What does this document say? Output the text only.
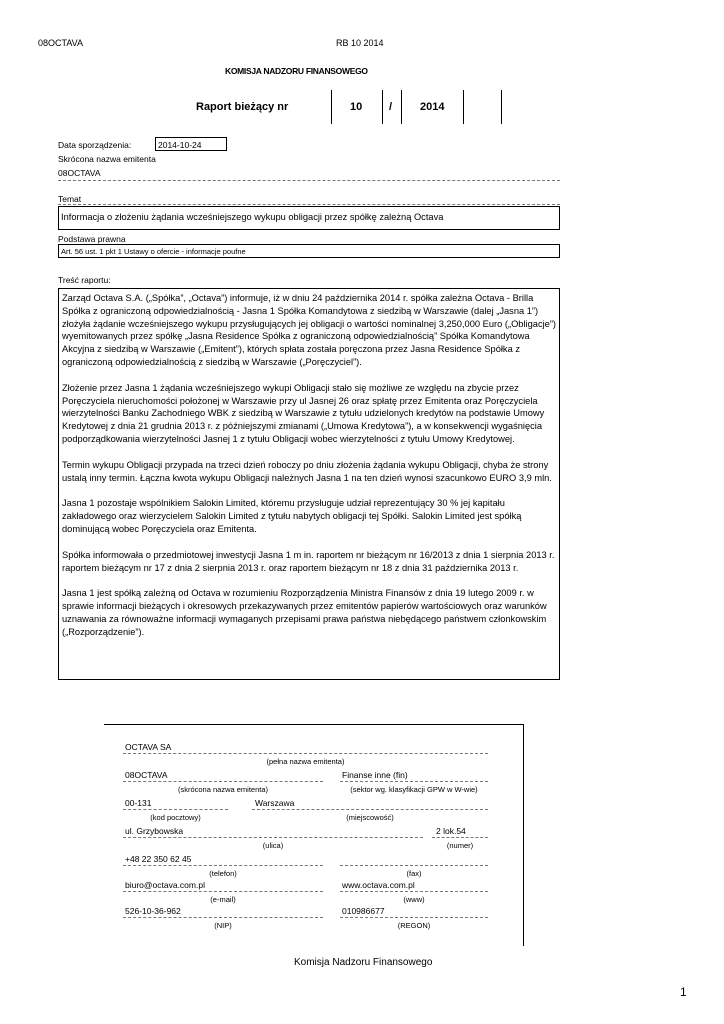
08OCTAVA	RB 10 2014
KOMISJA NADZORU FINANSOWEGO
Raport bieżący nr	10 /	2014
Data sporządzenia:	2014-10-24
Skrócona nazwa emitenta
08OCTAVA
Temat
Informacja o złożeniu żądania wcześniejszego wykupu obligacji przez spółkę zależną Octava
Podstawa prawna
Art. 56 ust. 1 pkt 1 Ustawy o ofercie - informacje poufne
Treść raportu:

Zarząd Octava S.A. („Spółka”, „Octava”) informuje, iż w dniu 24 października 2014 r. spółka zależna Octava - Brilla Spółka z ograniczoną odpowiedzialnością - Jasna 1 Spółka Komandytowa z siedzibą w Warszawie (dalej „Jasna 1”) złożyła żądanie wcześniejszego wykupu przysługujących jej obligacji o wartości nominalnej 3,250,000 Euro („Obligacje”) wyemitowanych przez spółkę „Jasna Residence Spółka z ograniczoną odpowiedzialnością” Spółka Komandytowa Akcyjna z siedzibą w Warszawie („Emitent”), których spłata została poręczona przez Jasna Residence Spółka z ograniczoną odpowiedzialnością z siedzibą w Warszawie („Poręczyciel”).

Złożenie przez Jasna 1 żądania wcześniejszego wykupi Obligacji stało się możliwe ze względu na zbycie przez Poręczyciela nieruchomości położonej w Warszawie przy ul Jasnej 26 oraz spłatę przez Emitenta oraz Poręczyciela wierzytelności Banku Zachodniego WBK z siedzibą w Warszawie z tytułu udzielonych kredytów na podstawie Umowy Kredytowej z dnia 21 grudnia 2013 r. z późniejszymi zmianami („Umowa Kredytowa”), a w konsekwencji wygaśnięcia podporządkowania wierzytelności Jasnej 1 z tytułu Obligacji wobec wierzytelności z tytułu Umowy Kredytowej.

Termin wykupu Obligacji przypada na trzeci dzień roboczy po dniu złożenia żądania wykupu Obligacji, chyba że strony ustalą inny termin. Łączna kwota wykupu Obligacji należnych Jasna 1 na ten dzień wynosi szacunkowo EURO 3,9 mln.

Jasna 1 pozostaje wspólnikiem Salokin Limited, któremu przysługuje udział reprezentujący 30 % jej kapitału zakładowego oraz wierzycielem Salokin Limited z tytułu nabytych obligacji tej Spółki. Salokin Limited jest spółką dominującą wobec Poręczyciela oraz Emitenta.

Spółka informowała o przedmiotowej inwestycji Jasna 1 m in. raportem nr bieżącym nr 16/2013 z dnia 1 sierpnia 2013 r. raportem bieżącym nr 17 z dnia 2 sierpnia 2013 r. oraz raportem bieżącym nr 18 z dnia 31 października 2013 r.

Jasna 1 jest spółką zależną od Octava w rozumieniu Rozporządzenia Ministra Finansów z dnia 19 lutego 2009 r. w sprawie informacji bieżących i okresowych przekazywanych przez emitentów papierów wartościowych oraz warunków uznawania za równoważne informacji wymaganych przepisami prawa państwa niebędącego państwem członkowskim („Rozporządzenie”).

OCTAVA SA
(pełna nazwa emitenta)
08OCTAVA
(skrócona nazwa emitenta)
Finanse inne (fin)
(sektor wg. klasyfikacji GPW w W-wie)
00-131	Warszawa
(kod pocztowy)	(miejscowość)
ul. Grzybowska	2 lok.54
(ulica)	(numer)
+48 22 350 62 45
(telefon)	(fax)
biuro@octava.com.pl	www.octava.com.pl
(e-mail)	(www)
526-10-36-962	010986677
(NIP)	(REGON)
Komisja Nadzoru Finansowego
1
